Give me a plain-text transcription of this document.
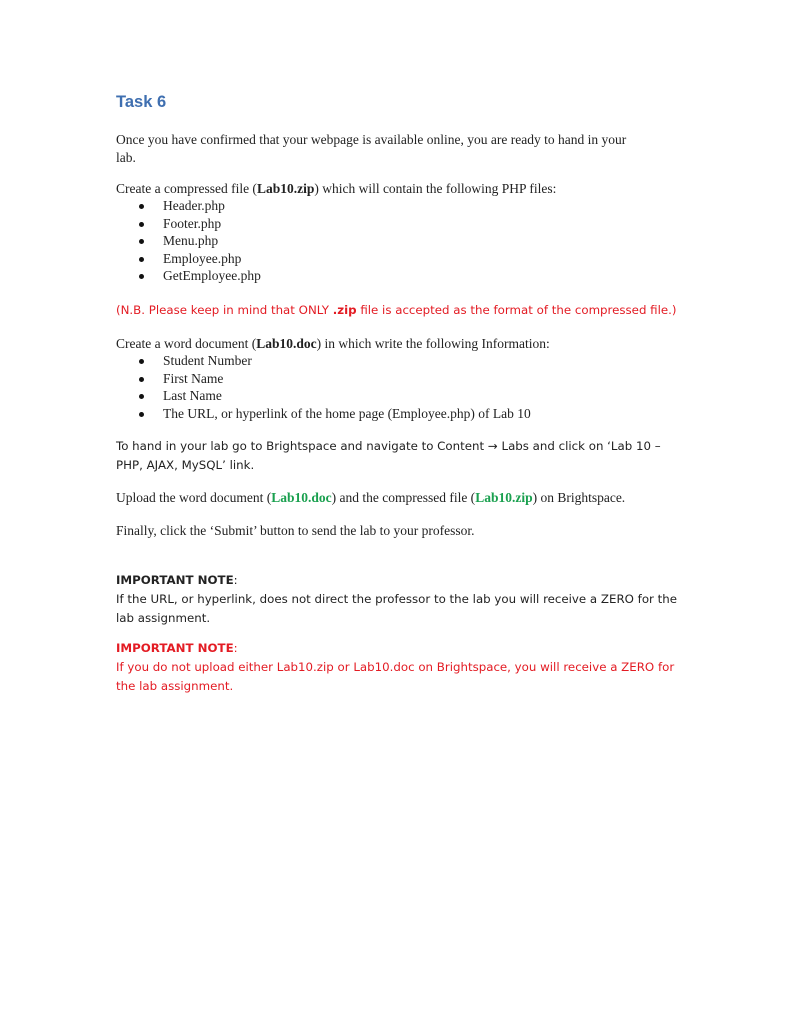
Task 6

Once you have confirmed that your webpage is available online, you are ready to hand in your
lab.

Create a compressed file (Lab10.zip) which will contain the following PHP files:

Header.php
Footer.php
Menu.php
Employee.php
GetEmployee.php

(N.B. Please keep in mind that ONLY .zip file is accepted as the format of the compressed file.)

Create a word document (Lab10.doc) in which write the following Information:

Student Number
First Name
Last Name
The URL, or hyperlink of the home page (Employee.php) of Lab 10

To hand in your lab go to Brightspace and navigate to Content → Labs and click on ‘Lab 10 –
PHP, AJAX, MySQL’ link.

Upload the word document (Lab10.doc) and the compressed file (Lab10.zip) on Brightspace.

Finally, click the ‘Submit’ button to send the lab to your professor.

IMPORTANT NOTE:
If the URL, or hyperlink, does not direct the professor to the lab you will receive a ZERO for the
lab assignment.

IMPORTANT NOTE:
If you do not upload either Lab10.zip or Lab10.doc on Brightspace, you will receive a ZERO for
the lab assignment.
